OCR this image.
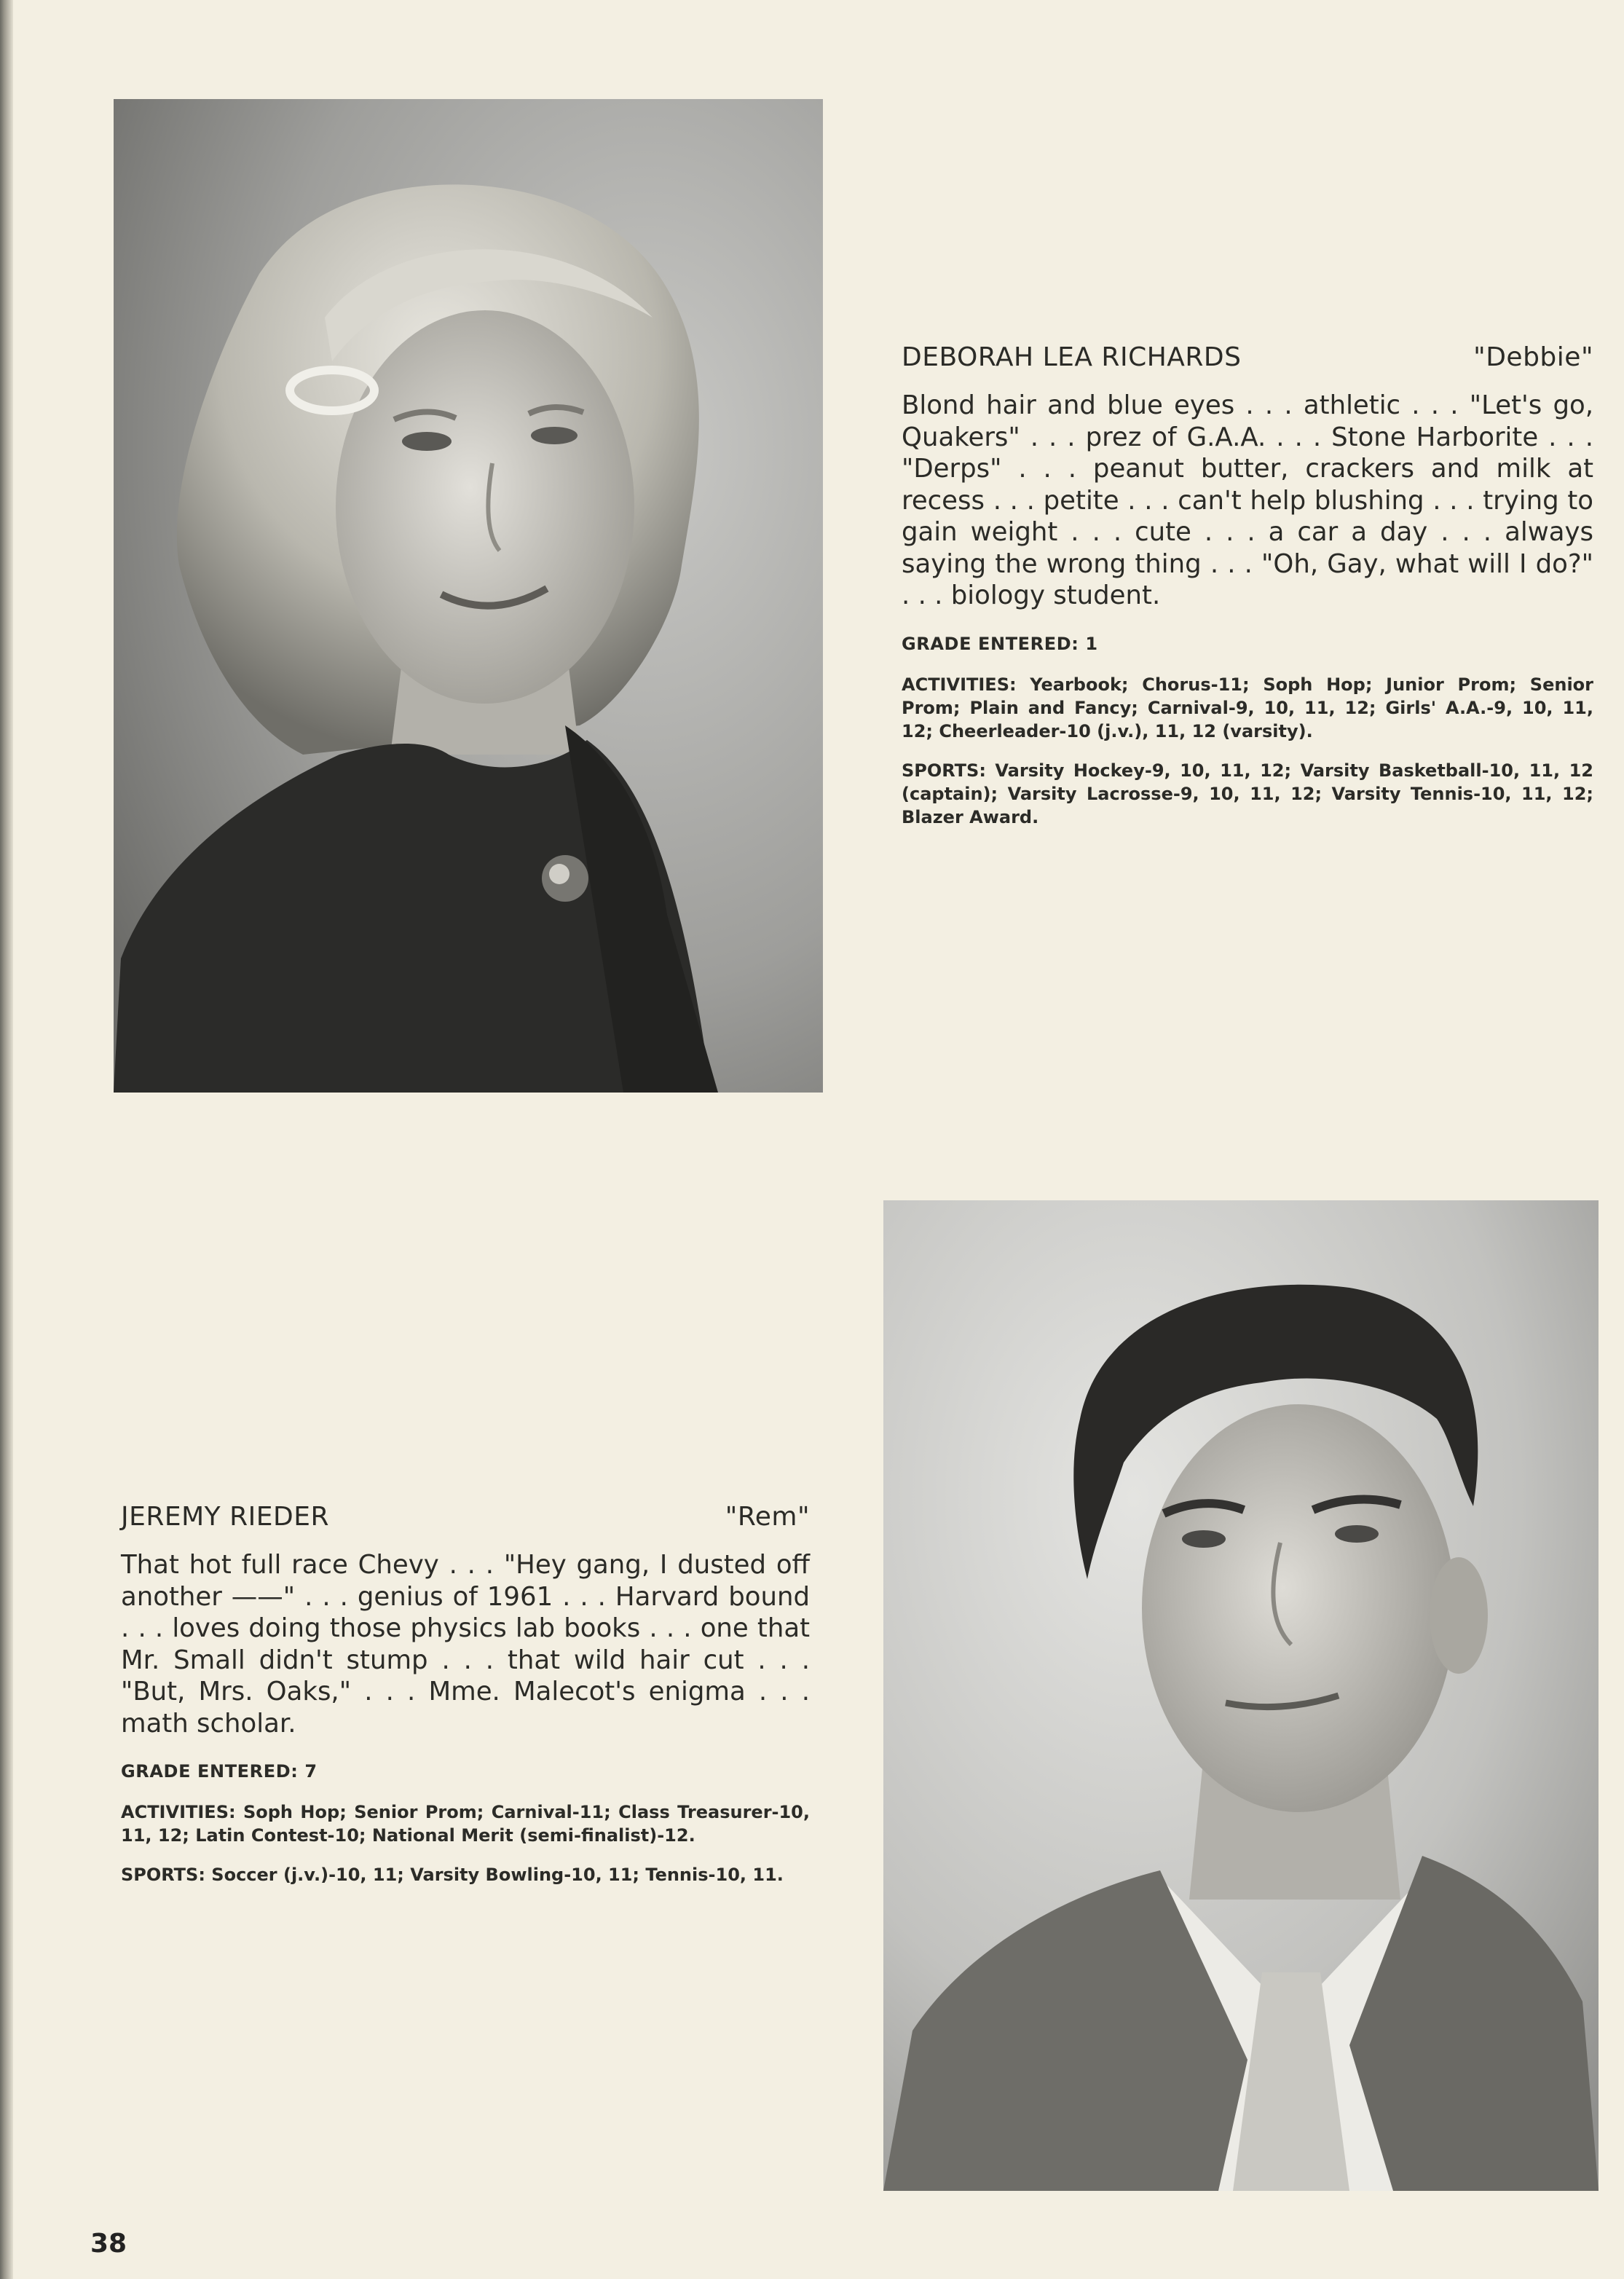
DEBORAH LEA RICHARDS	"Debbie"

Blond hair and blue eyes . . . athletic . . . "Let's go, Quakers" . . . prez of G.A.A. . . . Stone Harborite . . . "Derps" . . . peanut butter, crackers and milk at recess . . . petite . . . can't help blushing . . . trying to gain weight . . . cute . . . a car a day . . . always saying the wrong thing . . . "Oh, Gay, what will I do?" . . . biology student.

GRADE ENTERED: 1

ACTIVITIES: Yearbook; Chorus-11; Soph Hop; Junior Prom; Senior Prom; Plain and Fancy; Carnival-9, 10, 11, 12; Girls' A.A.-9, 10, 11, 12; Cheerleader-10 (j.v.), 11, 12 (varsity).

SPORTS: Varsity Hockey-9, 10, 11, 12; Varsity Basketball-10, 11, 12 (captain); Varsity Lacrosse-9, 10, 11, 12; Varsity Tennis-10, 11, 12; Blazer Award.

JEREMY RIEDER	"Rem"

That hot full race Chevy . . . "Hey gang, I dusted off another ——" . . . genius of 1961 . . . Harvard bound . . . loves doing those physics lab books . . . one that Mr. Small didn't stump . . . that wild hair cut . . . "But, Mrs. Oaks," . . . Mme. Malecot's enigma . . . math scholar.

GRADE ENTERED: 7

ACTIVITIES: Soph Hop; Senior Prom; Carnival-11; Class Treasurer-10, 11, 12; Latin Contest-10; National Merit (semi-finalist)-12.

SPORTS: Soccer (j.v.)-10, 11; Varsity Bowling-10, 11; Tennis-10, 11.

38
